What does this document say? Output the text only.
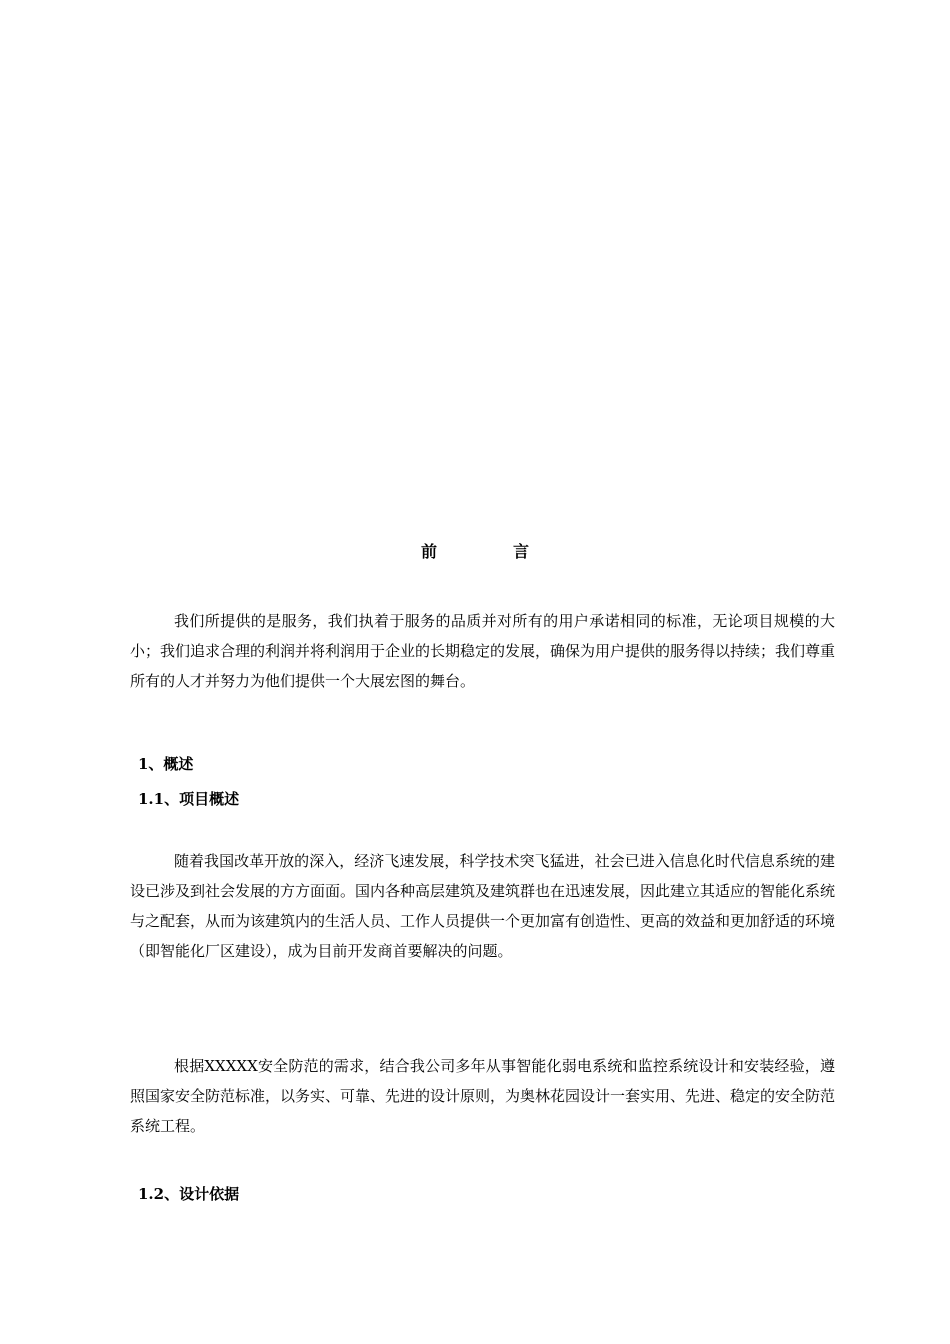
前　言

我们所提供的是服务，我们执着于服务的品质并对所有的用户承诺相同的标准，无论项目规模的大小；我们追求合理的利润并将利润用于企业的长期稳定的发展，确保为用户提供的服务得以持续；我们尊重所有的人才并努力为他们提供一个大展宏图的舞台。

1、概述
1.1、项目概述

随着我国改革开放的深入，经济飞速发展，科学技术突飞猛进，社会已进入信息化时代信息系统的建设已涉及到社会发展的方方面面。国内各种高层建筑及建筑群也在迅速发展，因此建立其适应的智能化系统与之配套，从而为该建筑内的生活人员、工作人员提供一个更加富有创造性、更高的效益和更加舒适的环境（即智能化厂区建设），成为目前开发商首要解决的问题。

根据XXXXX安全防范的需求，结合我公司多年从事智能化弱电系统和监控系统设计和安装经验，遵照国家安全防范标准，以务实、可靠、先进的设计原则，为奥林花园设计一套实用、先进、稳定的安全防范系统工程。

1.2、设计依据
